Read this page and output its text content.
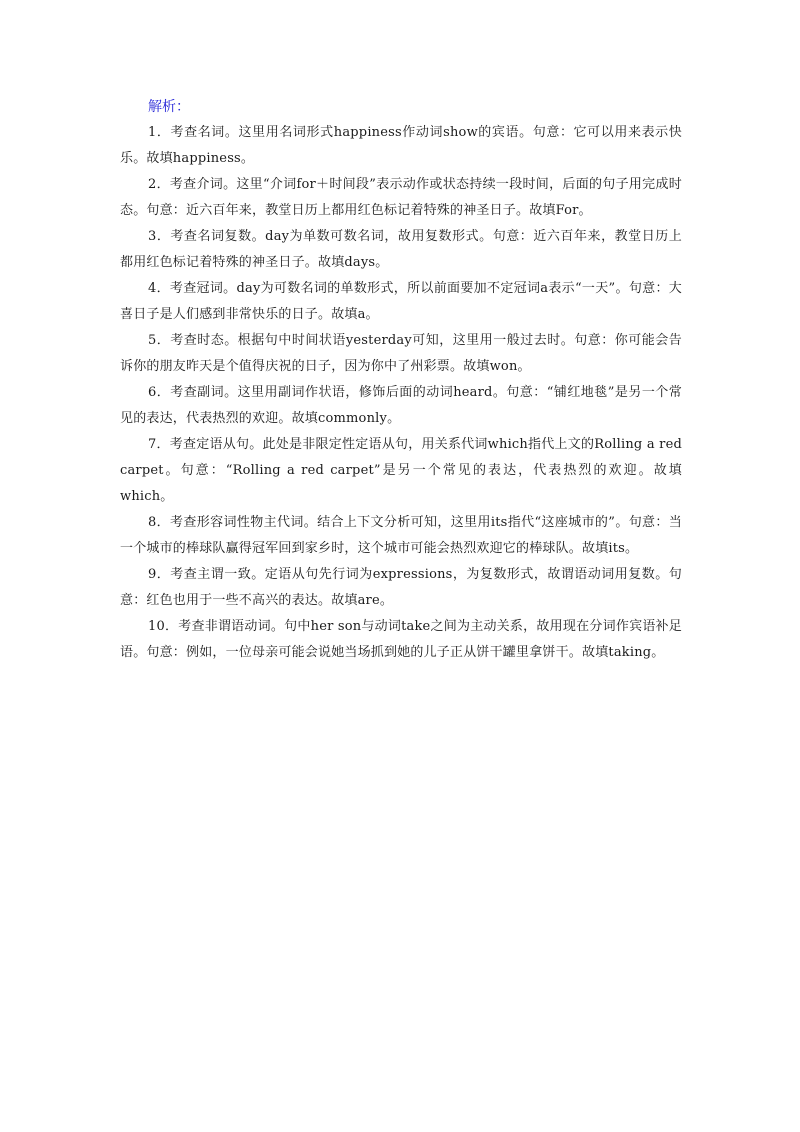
解析：

1．考查名词。这里用名词形式happiness作动词show的宾语。句意：它可以用来表示快乐。故填happiness。

2．考查介词。这里“介词for＋时间段”表示动作或状态持续一段时间，后面的句子用完成时态。句意：近六百年来，教堂日历上都用红色标记着特殊的神圣日子。故填For。

3．考查名词复数。day为单数可数名词，故用复数形式。句意：近六百年来，教堂日历上都用红色标记着特殊的神圣日子。故填days。

4．考查冠词。day为可数名词的单数形式，所以前面要加不定冠词a表示“一天”。句意：大喜日子是人们感到非常快乐的日子。故填a。

5．考查时态。根据句中时间状语yesterday可知，这里用一般过去时。句意：你可能会告诉你的朋友昨天是个值得庆祝的日子，因为你中了州彩票。故填won。

6．考查副词。这里用副词作状语，修饰后面的动词heard。句意：“铺红地毯”是另一个常见的表达，代表热烈的欢迎。故填commonly。

7．考查定语从句。此处是非限定性定语从句，用关系代词which指代上文的Rolling a red carpet。句意：“Rolling a red carpet”是另一个常见的表达，代表热烈的欢迎。故填which。

8．考查形容词性物主代词。结合上下文分析可知，这里用its指代“这座城市的”。句意：当一个城市的棒球队赢得冠军回到家乡时，这个城市可能会热烈欢迎它的棒球队。故填its。

9．考查主谓一致。定语从句先行词为expressions，为复数形式，故谓语动词用复数。句意：红色也用于一些不高兴的表达。故填are。

10．考查非谓语动词。句中her son与动词take之间为主动关系，故用现在分词作宾语补足语。句意：例如，一位母亲可能会说她当场抓到她的儿子正从饼干罐里拿饼干。故填taking。
